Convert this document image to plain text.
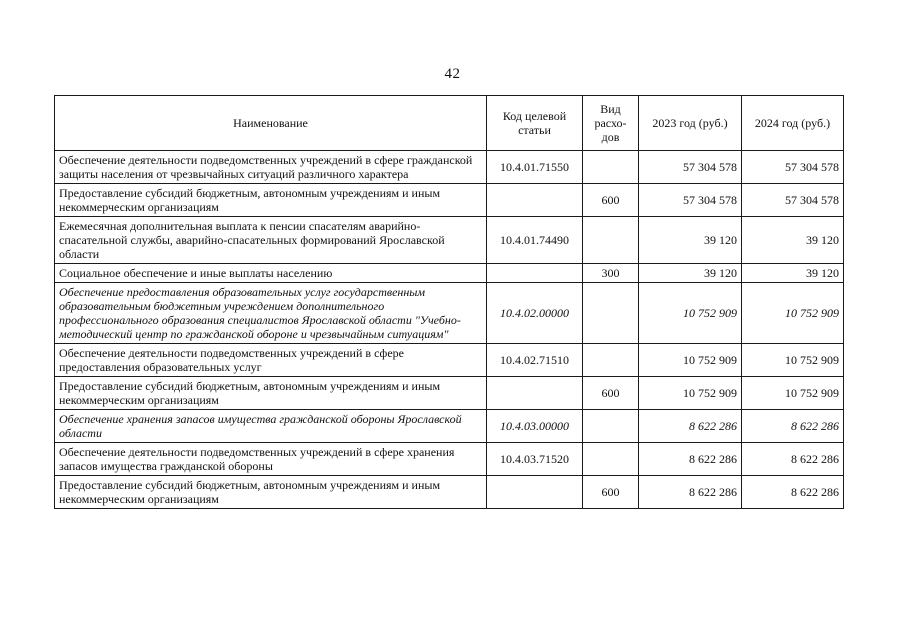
42
Наименование	Код целевой статьи	Вид расхо-дов	2023 год (руб.)	2024 год (руб.)
Обеспечение деятельности подведомственных учреждений в сфере гражданской защиты населения от чрезвычайных ситуаций различного характера	10.4.01.71550		57 304 578	57 304 578
Предоставление субсидий бюджетным, автономным учреждениям и иным некоммерческим организациям		600	57 304 578	57 304 578
Ежемесячная дополнительная выплата к пенсии спасателям аварийно-спасательной службы, аварийно-спасательных формирований Ярославской области	10.4.01.74490		39 120	39 120
Социальное обеспечение и иные выплаты населению		300	39 120	39 120
Обеспечение предоставления образовательных услуг государственным образовательным бюджетным учреждением дополнительного профессионального образования специалистов Ярославской области "Учебно-методический центр по гражданской обороне и чрезвычайным ситуациям"	10.4.02.00000		10 752 909	10 752 909
Обеспечение деятельности подведомственных учреждений в сфере предоставления образовательных услуг	10.4.02.71510		10 752 909	10 752 909
Предоставление субсидий бюджетным, автономным учреждениям и иным некоммерческим организациям		600	10 752 909	10 752 909
Обеспечение хранения запасов имущества гражданской обороны Ярославской области	10.4.03.00000		8 622 286	8 622 286
Обеспечение деятельности подведомственных учреждений в сфере хранения запасов имущества гражданской обороны	10.4.03.71520		8 622 286	8 622 286
Предоставление субсидий бюджетным, автономным учреждениям и иным некоммерческим организациям		600	8 622 286	8 622 286
